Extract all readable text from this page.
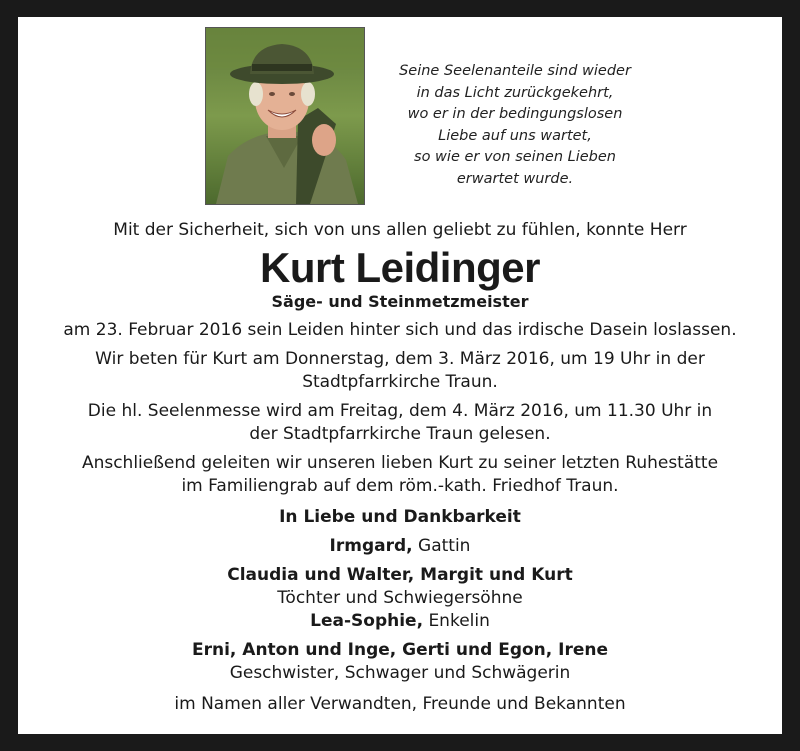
Seine Seelenanteile sind wieder
in das Licht zurückgekehrt,
wo er in der bedingungslosen
Liebe auf uns wartet,
so wie er von seinen Lieben
erwartet wurde.
Mit der Sicherheit, sich von uns allen geliebt zu fühlen, konnte Herr
Kurt Leidinger
Säge- und Steinmetzmeister
am 23. Februar 2016 sein Leiden hinter sich und das irdische Dasein loslassen.
Wir beten für Kurt am Donnerstag, dem 3. März 2016, um 19 Uhr in der
Stadtpfarrkirche Traun.
Die hl. Seelenmesse wird am Freitag, dem 4. März 2016, um 11.30 Uhr in
der Stadtpfarrkirche Traun gelesen.
Anschließend geleiten wir unseren lieben Kurt zu seiner letzten Ruhestätte
im Familiengrab auf dem röm.-kath. Friedhof Traun.
In Liebe und Dankbarkeit
Irmgard, Gattin
Claudia und Walter, Margit und Kurt
Töchter und Schwiegersöhne
Lea-Sophie, Enkelin
Erni, Anton und Inge, Gerti und Egon, Irene
Geschwister, Schwager und Schwägerin
im Namen aller Verwandten, Freunde und Bekannten
